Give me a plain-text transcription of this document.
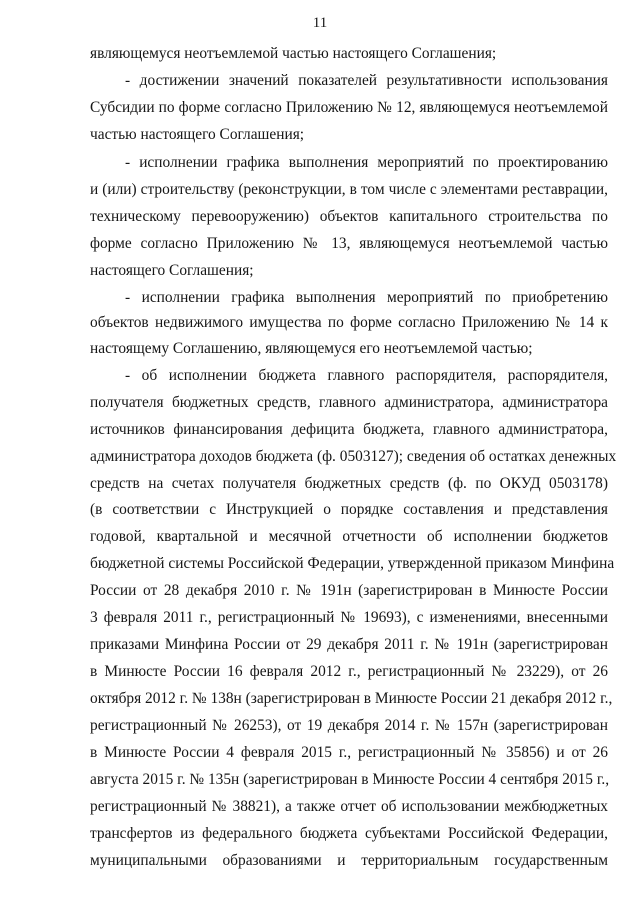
11
являющемуся неотъемлемой частью настоящего Соглашения;
- достижении значений показателей результативности использования
Субсидии по форме согласно Приложению № 12, являющемуся неотъемлемой
частью настоящего Соглашения;
- исполнении графика выполнения мероприятий по проектированию
и (или) строительству (реконструкции, в том числе с элементами реставрации,
техническому перевооружению) объектов капитального строительства по
форме согласно Приложению № 13, являющемуся неотъемлемой частью
настоящего Соглашения;
- исполнении графика выполнения мероприятий по приобретению
объектов недвижимого имущества по форме согласно Приложению № 14 к
настоящему Соглашению, являющемуся его неотъемлемой частью;
- об исполнении бюджета главного распорядителя, распорядителя,
получателя бюджетных средств, главного администратора, администратора
источников финансирования дефицита бюджета, главного администратора,
администратора доходов бюджета (ф. 0503127); сведения об остатках денежных
средств на счетах получателя бюджетных средств (ф. по ОКУД 0503178)
(в соответствии с Инструкцией о порядке составления и представления
годовой, квартальной и месячной отчетности об исполнении бюджетов
бюджетной системы Российской Федерации, утвержденной приказом Минфина
России от 28 декабря 2010 г. № 191н (зарегистрирован в Минюсте России
3 февраля 2011 г., регистрационный № 19693), с изменениями, внесенными
приказами Минфина России от 29 декабря 2011 г. № 191н (зарегистрирован
в Минюсте России 16 февраля 2012 г., регистрационный № 23229), от 26
октября 2012 г. № 138н (зарегистрирован в Минюсте России 21 декабря 2012 г.,
регистрационный № 26253), от 19 декабря 2014 г. № 157н (зарегистрирован
в Минюсте России 4 февраля 2015 г., регистрационный № 35856) и от 26
августа 2015 г. № 135н (зарегистрирован в Минюсте России 4 сентября 2015 г.,
регистрационный № 38821), а также отчет об использовании межбюджетных
трансфертов из федерального бюджета субъектами Российской Федерации,
муниципальными образованиями и территориальным государственным
